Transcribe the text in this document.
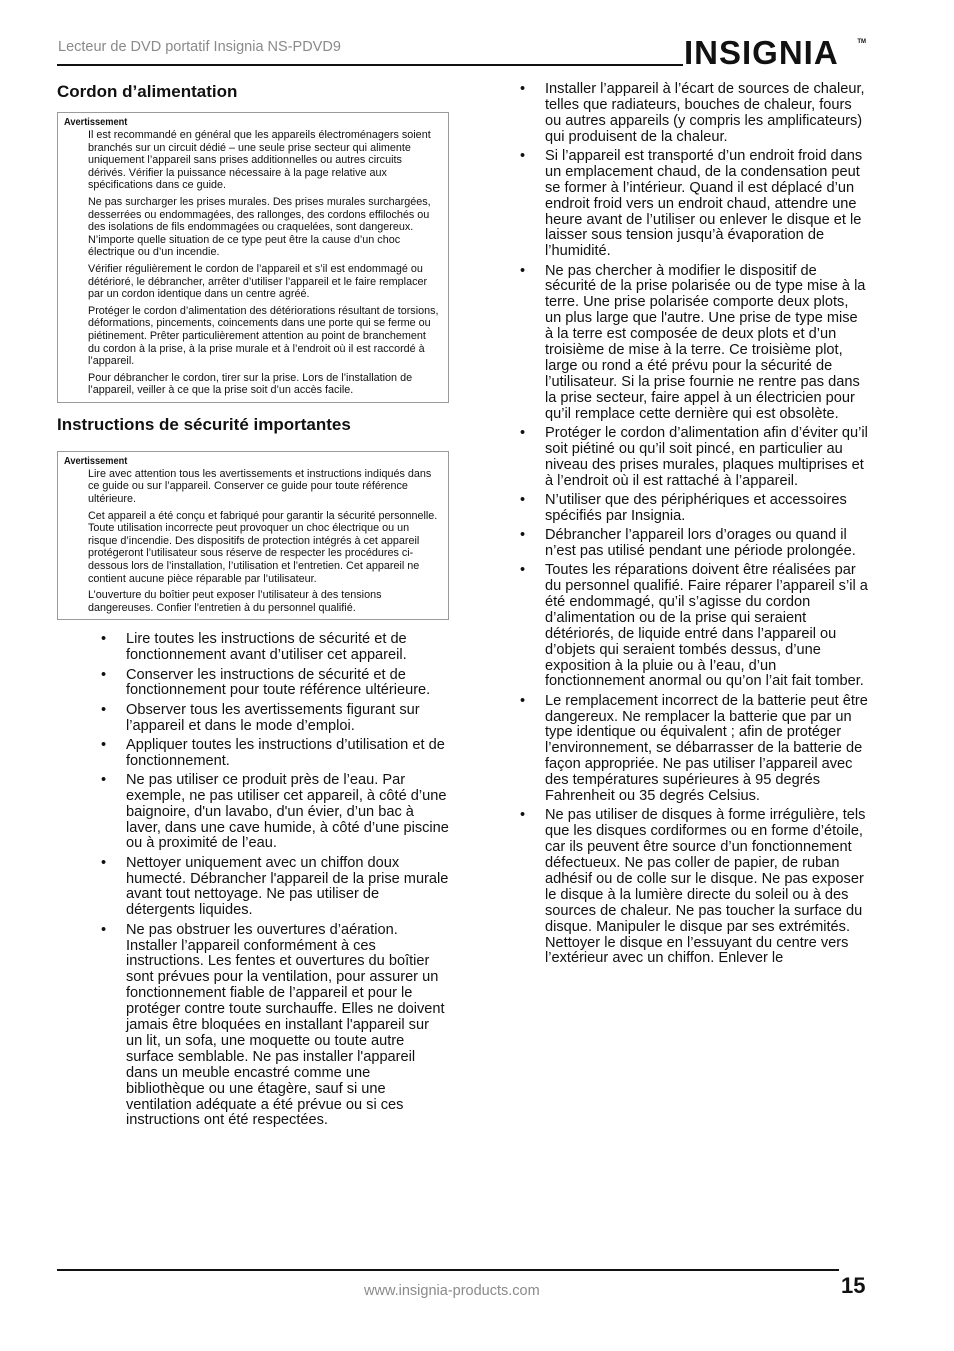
Lecteur de DVD portatif Insignia NS-PDVD9	INSIGNIA	TM
Cordon d’alimentation
Avertissement

Il est recommandé en général que les appareils électroménagers soient branchés sur un circuit dédié – une seule prise secteur qui alimente uniquement l’appareil sans prises additionnelles ou autres circuits dérivés. Vérifier la puissance nécessaire à la page relative aux spécifications dans ce guide.

Ne pas surcharger les prises murales. Des prises murales surchargées, desserrées ou endommagées, des rallonges, des cordons effilochés ou des isolations de fils endommagées ou craquelées, sont dangereux. N’importe quelle situation de ce type peut être la cause d’un choc électrique ou d’un incendie.

Vérifier régulièrement le cordon de l’appareil et s’il est endommagé ou détérioré, le débrancher, arrêter d’utiliser l’appareil et le faire remplacer par un cordon identique dans un centre agréé.

Protéger le cordon d’alimentation des détériorations résultant de torsions, déformations, pincements, coincements dans une porte qui se ferme ou piétinement. Prêter particulièrement attention au point de branchement du cordon à la prise, à la prise murale et à l’endroit où il est raccordé à l’appareil.

Pour débrancher le cordon, tirer sur la prise. Lors de l’installation de l’appareil, veiller à ce que la prise soit d’un accès facile.

Instructions de sécurité importantes
Avertissement

Lire avec attention tous les avertissements et instructions indiqués dans ce guide ou sur l’appareil. Conserver ce guide pour toute référence ultérieure.

Cet appareil a été conçu et fabriqué pour garantir la sécurité personnelle. Toute utilisation incorrecte peut provoquer un choc électrique ou un risque d’incendie. Des dispositifs de protection intégrés à cet appareil protégeront l’utilisateur sous réserve de respecter les procédures ci-dessous lors de l’installation, l’utilisation et l’entretien. Cet appareil ne contient aucune pièce réparable par l’utilisateur.

L’ouverture du boîtier peut exposer l’utilisateur à des tensions dangereuses. Confier l’entretien à du personnel qualifié.

• Lire toutes les instructions de sécurité et de fonctionnement avant d’utiliser cet appareil.
• Conserver les instructions de sécurité et de fonctionnement pour toute référence ultérieure.
• Observer tous les avertissements figurant sur l’appareil et dans le mode d’emploi.
• Appliquer toutes les instructions d’utilisation et de fonctionnement.
• Ne pas utiliser ce produit près de l’eau. Par exemple, ne pas utiliser cet appareil, à côté d’une baignoire, d'un lavabo, d'un évier, d’un bac à laver, dans une cave humide, à côté d’une piscine ou à proximité de l’eau.
• Nettoyer uniquement avec un chiffon doux humecté. Débrancher l'appareil de la prise murale avant tout nettoyage. Ne pas utiliser de détergents liquides.
• Ne pas obstruer les ouvertures d’aération. Installer l’appareil conformément à ces instructions. Les fentes et ouvertures du boîtier sont prévues pour la ventilation, pour assurer un fonctionnement fiable de l’appareil et pour le protéger contre toute surchauffe. Elles ne doivent jamais être bloquées en installant l'appareil sur un lit, un sofa, une moquette ou toute autre surface semblable. Ne pas installer l'appareil dans un meuble encastré comme une bibliothèque ou une étagère, sauf si une ventilation adéquate a été prévue ou si ces instructions ont été respectées.
• Installer l’appareil à l’écart de sources de chaleur, telles que radiateurs, bouches de chaleur, fours ou autres appareils (y compris les amplificateurs) qui produisent de la chaleur.
• Si l’appareil est transporté d’un endroit froid dans un emplacement chaud, de la condensation peut se former à l’intérieur. Quand il est déplacé d’un endroit froid vers un endroit chaud, attendre une heure avant de l’utiliser ou enlever le disque et le laisser sous tension jusqu’à évaporation de l’humidité.
• Ne pas chercher à modifier le dispositif de sécurité de la prise polarisée ou de type mise à la terre. Une prise polarisée comporte deux plots, un plus large que l'autre. Une prise de type mise à la terre est composée de deux plots et d’un troisième de mise à la terre. Ce troisième plot, large ou rond a été prévu pour la sécurité de l’utilisateur. Si la prise fournie ne rentre pas dans la prise secteur, faire appel à un électricien pour qu’il remplace cette dernière qui est obsolète.
• Protéger le cordon d’alimentation afin d’éviter qu’il soit piétiné ou qu’il soit pincé, en particulier au niveau des prises murales, plaques multiprises et à l’endroit où il est rattaché à l’appareil.
• N’utiliser que des périphériques et accessoires spécifiés par Insignia.
• Débrancher l’appareil lors d’orages ou quand il n’est pas utilisé pendant une période prolongée.
• Toutes les réparations doivent être réalisées par du personnel qualifié. Faire réparer l’appareil s’il a été endommagé, qu’il s’agisse du cordon d’alimentation ou de la prise qui seraient détériorés, de liquide entré dans l’appareil ou d’objets qui seraient tombés dessus, d’une exposition à la pluie ou à l’eau, d’un fonctionnement anormal ou qu’on l’ait fait tomber.
• Le remplacement incorrect de la batterie peut être dangereux. Ne remplacer la batterie que par un type identique ou équivalent ; afin de protéger l’environnement, se débarrasser de la batterie de façon appropriée. Ne pas utiliser l’appareil avec des températures supérieures à 95 degrés Fahrenheit ou 35 degrés Celsius.
• Ne pas utiliser de disques à forme irrégulière, tels que les disques cordiformes ou en forme d’étoile, car ils peuvent être source d’un fonctionnement défectueux. Ne pas coller de papier, de ruban adhésif ou de colle sur le disque. Ne pas exposer le disque à la lumière directe du soleil ou à des sources de chaleur. Ne pas toucher la surface du disque. Manipuler le disque par ses extrémités. Nettoyer le disque en l’essuyant du centre vers l’extérieur avec un chiffon. Enlever le
www.insignia-products.com	15
